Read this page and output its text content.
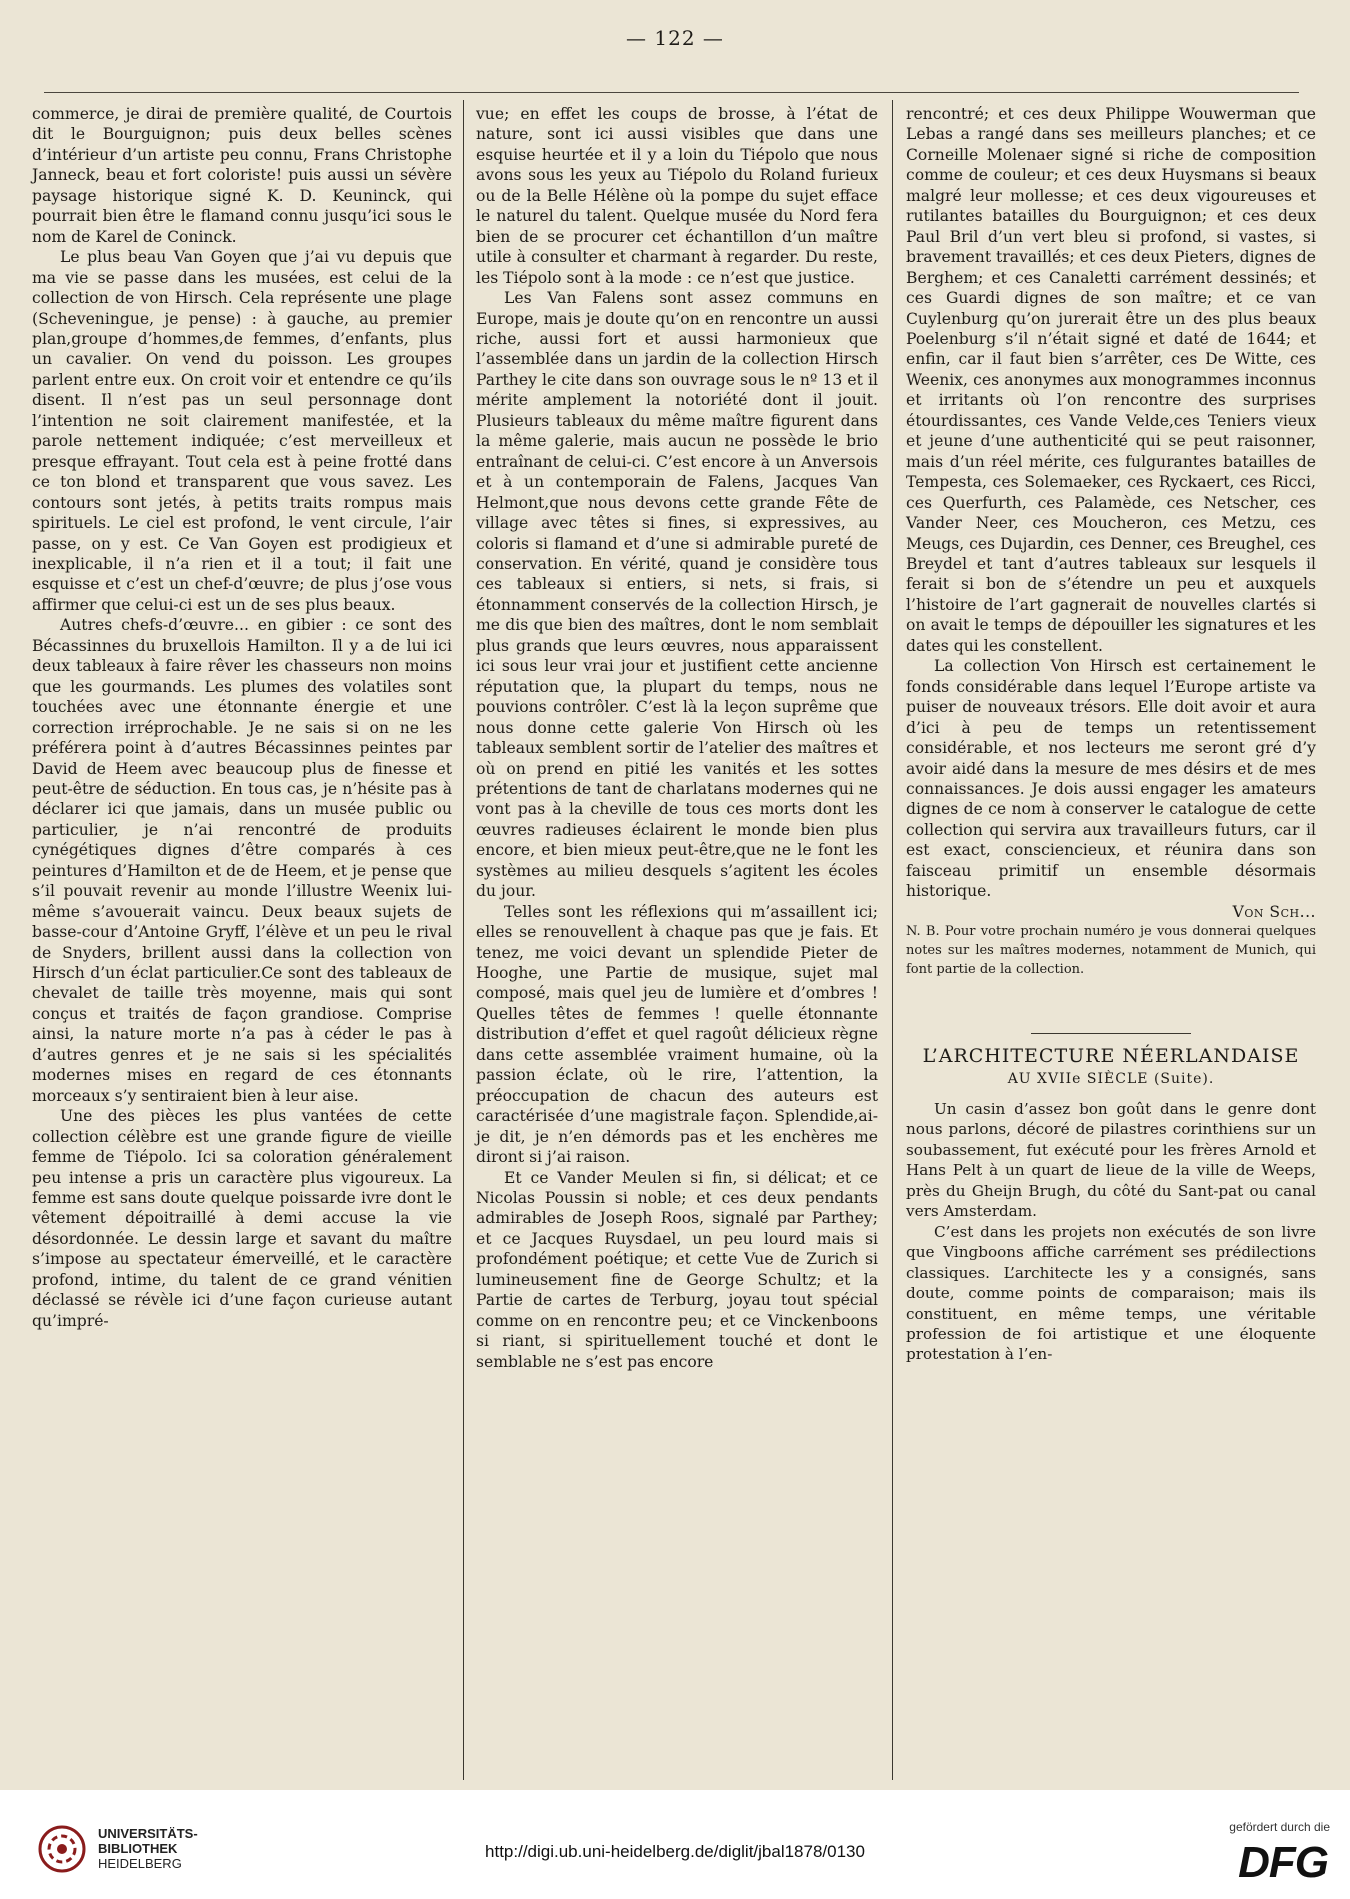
— 122 —

commerce, je dirai de première qualité, de Courtois dit le Bourguignon; puis deux belles scènes d’intérieur d’un artiste peu connu, Frans Christophe Janneck, beau et fort coloriste! puis aussi un sévère paysage historique signé K. D. Keuninck, qui pourrait bien être le flamand connu jusqu’ici sous le nom de Karel de Coninck.

Le plus beau Van Goyen que j’ai vu depuis que ma vie se passe dans les musées, est celui de la collection de von Hirsch. Cela représente une plage (Scheveningue, je pense) : à gauche, au premier plan,groupe d’hommes,de femmes, d’enfants, plus un cavalier. On vend du poisson. Les groupes parlent entre eux. On croit voir et entendre ce qu’ils disent. Il n’est pas un seul personnage dont l’intention ne soit clairement manifestée, et la parole nettement indiquée; c’est merveilleux et presque effrayant. Tout cela est à peine frotté dans ce ton blond et transparent que vous savez. Les contours sont jetés, à petits traits rompus mais spirituels. Le ciel est profond, le vent circule, l’air passe, on y est. Ce Van Goyen est prodigieux et inexplicable, il n’a rien et il a tout; il fait une esquisse et c’est un chef-d’œuvre; de plus j’ose vous affirmer que celui-ci est un de ses plus beaux.

Autres chefs-d’œuvre... en gibier : ce sont des Bécassinnes du bruxellois Hamilton. Il y a de lui ici deux tableaux à faire rêver les chasseurs non moins que les gourmands. Les plumes des volatiles sont touchées avec une étonnante énergie et une correction irréprochable. Je ne sais si on ne les préférera point à d’autres Bécassinnes peintes par David de Heem avec beaucoup plus de finesse et peut-être de séduction. En tous cas, je n’hésite pas à déclarer ici que jamais, dans un musée public ou particulier, je n’ai rencontré de produits cynégétiques dignes d’être comparés à ces peintures d’Hamilton et de de Heem, et je pense que s’il pouvait revenir au monde l’illustre Weenix lui-même s’avouerait vaincu. Deux beaux sujets de basse-cour d’Antoine Gryff, l’élève et un peu le rival de Snyders, brillent aussi dans la collection von Hirsch d’un éclat particulier.Ce sont des tableaux de chevalet de taille très moyenne, mais qui sont conçus et traités de façon grandiose. Comprise ainsi, la nature morte n’a pas à céder le pas à d’autres genres et je ne sais si les spécialités modernes mises en regard de ces étonnants morceaux s’y sentiraient bien à leur aise.

Une des pièces les plus vantées de cette collection célèbre est une grande figure de vieille femme de Tiépolo. Ici sa coloration généralement peu intense a pris un caractère plus vigoureux. La femme est sans doute quelque poissarde ivre dont le vêtement dépoitraillé à demi accuse la vie désordonnée. Le dessin large et savant du maître s’impose au spectateur émerveillé, et le caractère profond, intime, du talent de ce grand vénitien déclassé se révèle ici d’une façon curieuse autant qu’impré-

vue; en effet les coups de brosse, à l’état de nature, sont ici aussi visibles que dans une esquise heurtée et il y a loin du Tiépolo que nous avons sous les yeux au Tiépolo du Roland furieux ou de la Belle Hélène où la pompe du sujet efface le naturel du talent. Quelque musée du Nord fera bien de se procurer cet échantillon d’un maître utile à consulter et charmant à regarder. Du reste, les Tiépolo sont à la mode : ce n’est que justice.

Les Van Falens sont assez communs en Europe, mais je doute qu’on en rencontre un aussi riche, aussi fort et aussi harmonieux que l’assemblée dans un jardin de la collection Hirsch Parthey le cite dans son ouvrage sous le nº 13 et il mérite amplement la notoriété dont il jouit. Plusieurs tableaux du même maître figurent dans la même galerie, mais aucun ne possède le brio entraînant de celui-ci. C’est encore à un Anversois et à un contemporain de Falens, Jacques Van Helmont,que nous devons cette grande Fête de village avec têtes si fines, si expressives, au coloris si flamand et d’une si admirable pureté de conservation. En vérité, quand je considère tous ces tableaux si entiers, si nets, si frais, si étonnamment conservés de la collection Hirsch, je me dis que bien des maîtres, dont le nom semblait plus grands que leurs œuvres, nous apparaissent ici sous leur vrai jour et justifient cette ancienne réputation que, la plupart du temps, nous ne pouvions contrôler. C’est là la leçon suprême que nous donne cette galerie Von Hirsch où les tableaux semblent sortir de l’atelier des maîtres et où on prend en pitié les vanités et les sottes prétentions de tant de charlatans modernes qui ne vont pas à la cheville de tous ces morts dont les œuvres radieuses éclairent le monde bien plus encore, et bien mieux peut-être,que ne le font les systèmes au milieu desquels s’agitent les écoles du jour.

Telles sont les réflexions qui m’assaillent ici; elles se renouvellent à chaque pas que je fais. Et tenez, me voici devant un splendide Pieter de Hooghe, une Partie de musique, sujet mal composé, mais quel jeu de lumière et d’ombres ! Quelles têtes de femmes ! quelle étonnante distribution d’effet et quel ragoût délicieux règne dans cette assemblée vraiment humaine, où la passion éclate, où le rire, l’attention, la préoccupation de chacun des auteurs est caractérisée d’une magistrale façon. Splendide,ai-je dit, je n’en démords pas et les enchères me diront si j’ai raison.

Et ce Vander Meulen si fin, si délicat; et ce Nicolas Poussin si noble; et ces deux pendants admirables de Joseph Roos, signalé par Parthey; et ce Jacques Ruysdael, un peu lourd mais si profondément poétique; et cette Vue de Zurich si lumineusement fine de George Schultz; et la Partie de cartes de Terburg, joyau tout spécial comme on en rencontre peu; et ce Vinckenboons si riant, si spirituellement touché et dont le semblable ne s’est pas encore

rencontré; et ces deux Philippe Wouwerman que Lebas a rangé dans ses meilleurs planches; et ce Corneille Molenaer signé si riche de composition comme de couleur; et ces deux Huysmans si beaux malgré leur mollesse; et ces deux vigoureuses et rutilantes batailles du Bourguignon; et ces deux Paul Bril d’un vert bleu si profond, si vastes, si bravement travaillés; et ces deux Pieters, dignes de Berghem; et ces Canaletti carrément dessinés; et ces Guardi dignes de son maître; et ce van Cuylenburg qu’on jurerait être un des plus beaux Poelenburg s’il n’était signé et daté de 1644; et enfin, car il faut bien s’arrêter, ces De Witte, ces Weenix, ces anonymes aux monogrammes inconnus et irritants où l’on rencontre des surprises étourdissantes, ces Vande Velde,ces Teniers vieux et jeune d’une authenticité qui se peut raisonner, mais d’un réel mérite, ces fulgurantes batailles de Tempesta, ces Solemaeker, ces Ryckaert, ces Ricci, ces Querfurth, ces Palamède, ces Netscher, ces Vander Neer, ces Moucheron, ces Metzu, ces Meugs, ces Dujardin, ces Denner, ces Breughel, ces Breydel et tant d’autres tableaux sur lesquels il ferait si bon de s’étendre un peu et auxquels l’histoire de l’art gagnerait de nouvelles clartés si on avait le temps de dépouiller les signatures et les dates qui les constellent.

La collection Von Hirsch est certainement le fonds considérable dans lequel l’Europe artiste va puiser de nouveaux trésors. Elle doit avoir et aura d’ici à peu de temps un retentissement considérable, et nos lecteurs me seront gré d’y avoir aidé dans la mesure de mes désirs et de mes connaissances. Je dois aussi engager les amateurs dignes de ce nom à conserver le catalogue de cette collection qui servira aux travailleurs futurs, car il est exact, consciencieux, et réunira dans son faisceau primitif un ensemble désormais historique.

Von Sch...

N. B. Pour votre prochain numéro je vous donnerai quelques notes sur les maîtres modernes, notamment de Munich, qui font partie de la collection.

L’ARCHITECTURE NÉERLANDAISE
AU XVIIe SIÈCLE (Suite).

Un casin d’assez bon goût dans le genre dont nous parlons, décoré de pilastres corinthiens sur un soubassement, fut exécuté pour les frères Arnold et Hans Pelt à un quart de lieue de la ville de Weeps, près du Gheijn Brugh, du côté du Sant-pat ou canal vers Amsterdam.

C’est dans les projets non exécutés de son livre que Vingboons affiche carrément ses prédilections classiques. L’architecte les y a consignés, sans doute, comme points de comparaison; mais ils constituent, en même temps, une véritable profession de foi artistique et une éloquente protestation à l’en-

UNIVERSITÄTS-
BIBLIOTHEK
HEIDELBERG
http://digi.ub.uni-heidelberg.de/diglit/jbal1878/0130
gefördert durch die
DFG
